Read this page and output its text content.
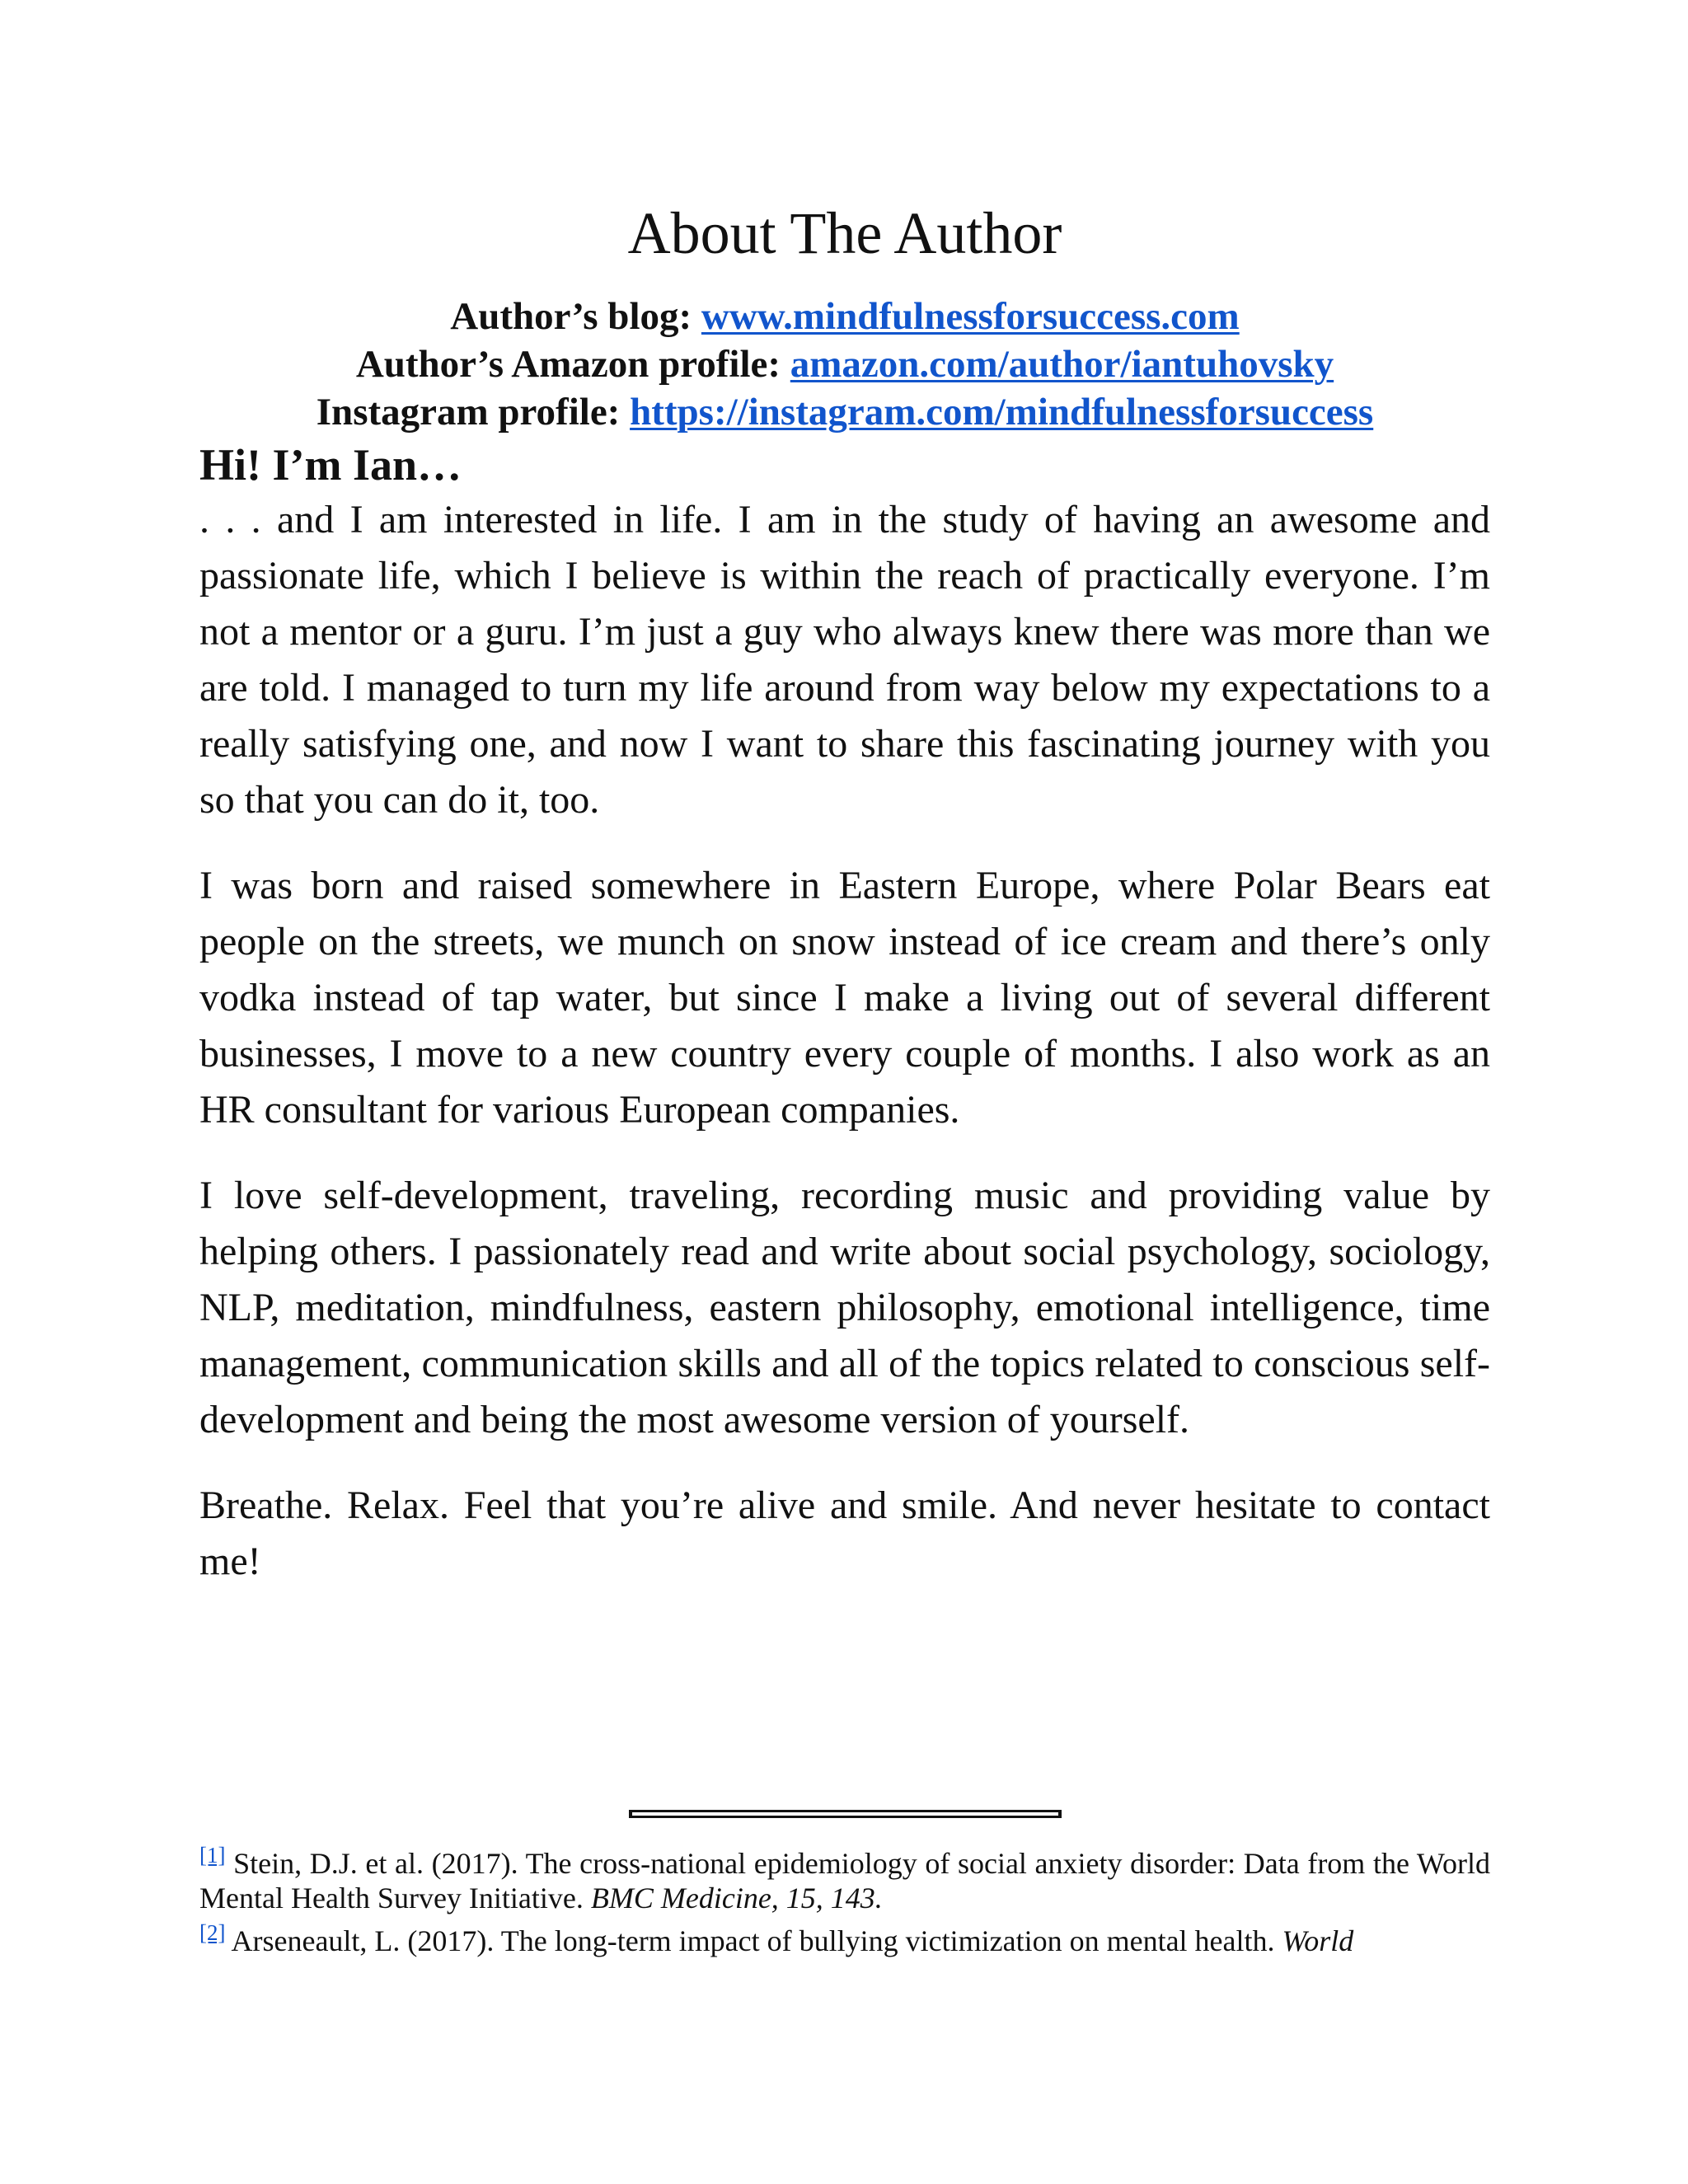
About The Author
Author’s blog: www.mindfulnessforsuccess.com
Author’s Amazon profile: amazon.com/author/iantuhovsky
Instagram profile: https://instagram.com/mindfulnessforsuccess
Hi! I’m Ian…

. . . and I am interested in life. I am in the study of having an awesome and passionate life, which I believe is within the reach of practically everyone. I’m not a mentor or a guru. I’m just a guy who always knew there was more than we are told. I managed to turn my life around from way below my expectations to a really satisfying one, and now I want to share this fascinating journey with you so that you can do it, too.

I was born and raised somewhere in Eastern Europe, where Polar Bears eat people on the streets, we munch on snow instead of ice cream and there’s only vodka instead of tap water, but since I make a living out of several different businesses, I move to a new country every couple of months. I also work as an HR consultant for various European companies.

I love self-development, traveling, recording music and providing value by helping others. I passionately read and write about social psychology, sociology, NLP, meditation, mindfulness, eastern philosophy, emotional intelligence, time management, communication skills and all of the topics related to conscious self-development and being the most awesome version of yourself.

Breathe. Relax. Feel that you’re alive and smile. And never hesitate to contact me!

[1] Stein, D.J. et al. (2017). The cross-national epidemiology of social anxiety disorder: Data from the World Mental Health Survey Initiative. BMC Medicine, 15, 143.

[2] Arseneault, L. (2017). The long-term impact of bullying victimization on mental health. World
